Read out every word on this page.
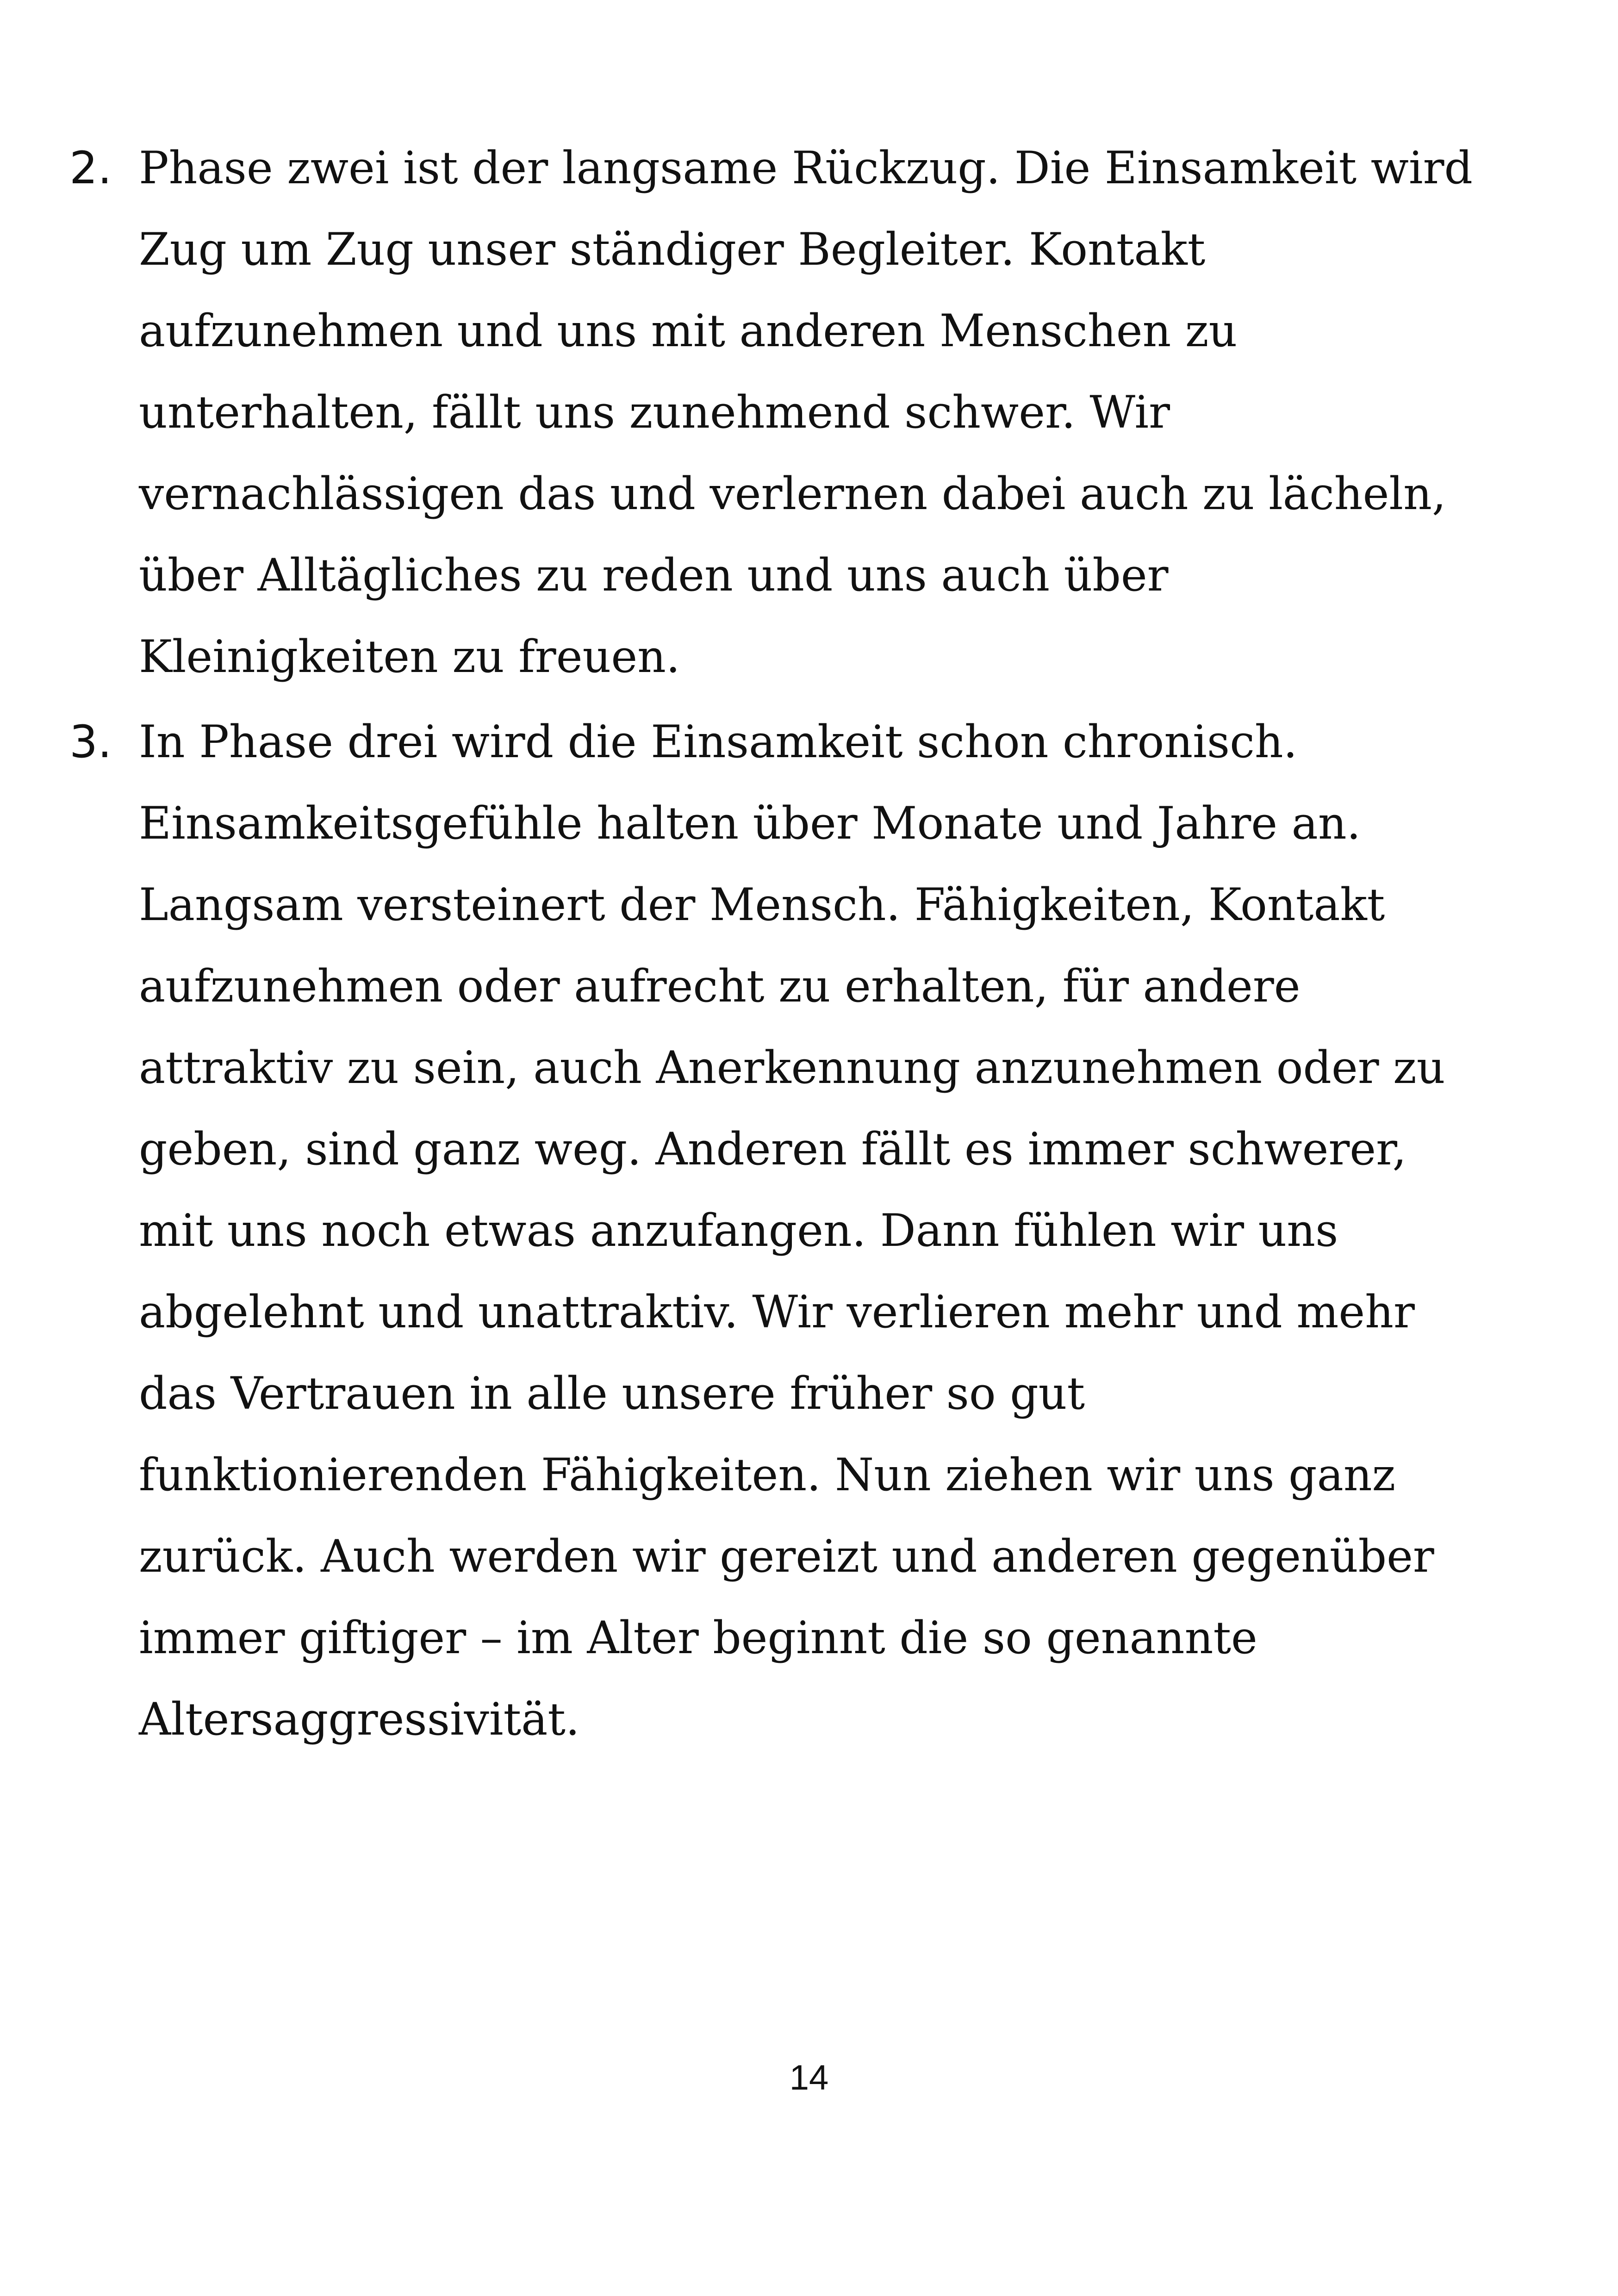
2. Phase zwei ist der langsame Rückzug. Die Einsamkeit wird
Zug um Zug unser ständiger Begleiter. Kontakt
aufzunehmen und uns mit anderen Menschen zu
unterhalten, fällt uns zunehmend schwer. Wir
vernachlässigen das und verlernen dabei auch zu lächeln,
über Alltägliches zu reden und uns auch über
Kleinigkeiten zu freuen.
3. In Phase drei wird die Einsamkeit schon chronisch.
Einsamkeitsgefühle halten über Monate und Jahre an.
Langsam versteinert der Mensch. Fähigkeiten, Kontakt
aufzunehmen oder aufrecht zu erhalten, für andere
attraktiv zu sein, auch Anerkennung anzunehmen oder zu
geben, sind ganz weg. Anderen fällt es immer schwerer,
mit uns noch etwas anzufangen. Dann fühlen wir uns
abgelehnt und unattraktiv. Wir verlieren mehr und mehr
das Vertrauen in alle unsere früher so gut
funktionierenden Fähigkeiten. Nun ziehen wir uns ganz
zurück. Auch werden wir gereizt und anderen gegenüber
immer giftiger – im Alter beginnt die so genannte
Altersaggressivität.
14
